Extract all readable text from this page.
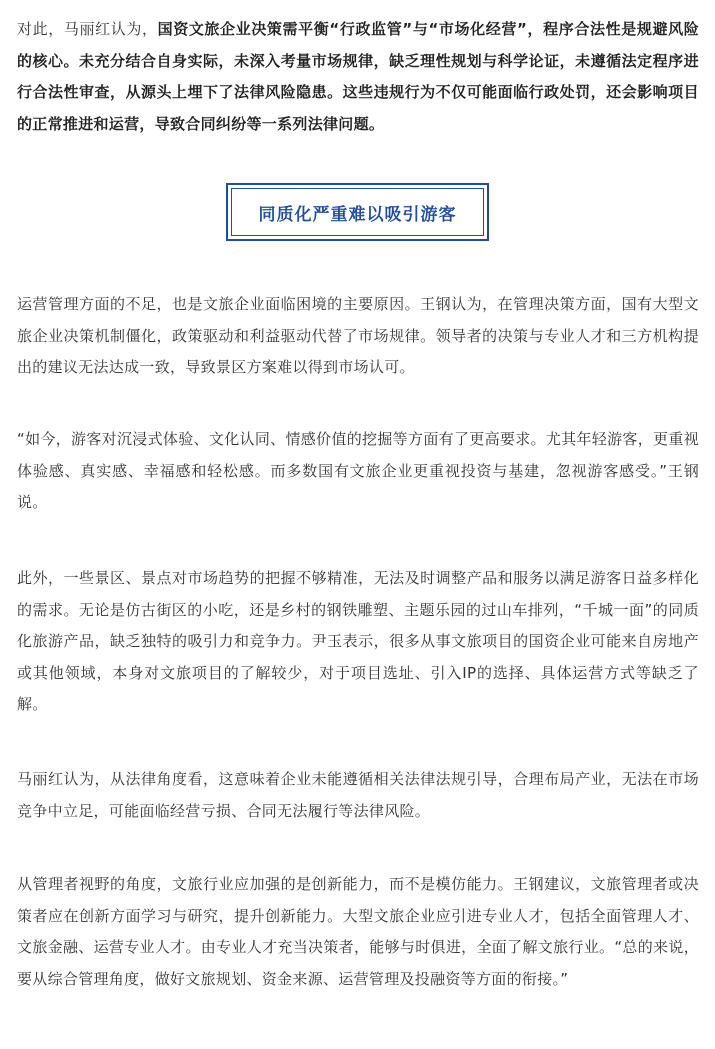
对此，马丽红认为，国资文旅企业决策需平衡“行政监管”与“市场化经营”，程序合法性是规避风险的核心。未充分结合自身实际，未深入考量市场规律，缺乏理性规划与科学论证，未遵循法定程序进行合法性审查，从源头上埋下了法律风险隐患。这些违规行为不仅可能面临行政处罚，还会影响项目的正常推进和运营，导致合同纠纷等一系列法律问题。

同质化严重难以吸引游客

运营管理方面的不足，也是文旅企业面临困境的主要原因。王钢认为，在管理决策方面，国有大型文旅企业决策机制僵化，政策驱动和利益驱动代替了市场规律。领导者的决策与专业人才和三方机构提出的建议无法达成一致，导致景区方案难以得到市场认可。

“如今，游客对沉浸式体验、文化认同、情感价值的挖掘等方面有了更高要求。尤其年轻游客，更重视体验感、真实感、幸福感和轻松感。而多数国有文旅企业更重视投资与基建，忽视游客感受。”王钢说。

此外，一些景区、景点对市场趋势的把握不够精准，无法及时调整产品和服务以满足游客日益多样化的需求。无论是仿古街区的小吃，还是乡村的钢铁雕塑、主题乐园的过山车排列，“千城一面”的同质化旅游产品，缺乏独特的吸引力和竞争力。尹玉表示，很多从事文旅项目的国资企业可能来自房地产或其他领域，本身对文旅项目的了解较少，对于项目选址、引入IP的选择、具体运营方式等缺乏了解。

马丽红认为，从法律角度看，这意味着企业未能遵循相关法律法规引导，合理布局产业，无法在市场竞争中立足，可能面临经营亏损、合同无法履行等法律风险。

从管理者视野的角度，文旅行业应加强的是创新能力，而不是模仿能力。王钢建议，文旅管理者或决策者应在创新方面学习与研究，提升创新能力。大型文旅企业应引进专业人才，包括全面管理人才、文旅金融、运营专业人才。由专业人才充当决策者，能够与时俱进，全面了解文旅行业。“总的来说，要从综合管理角度，做好文旅规划、资金来源、运营管理及投融资等方面的衔接。”
